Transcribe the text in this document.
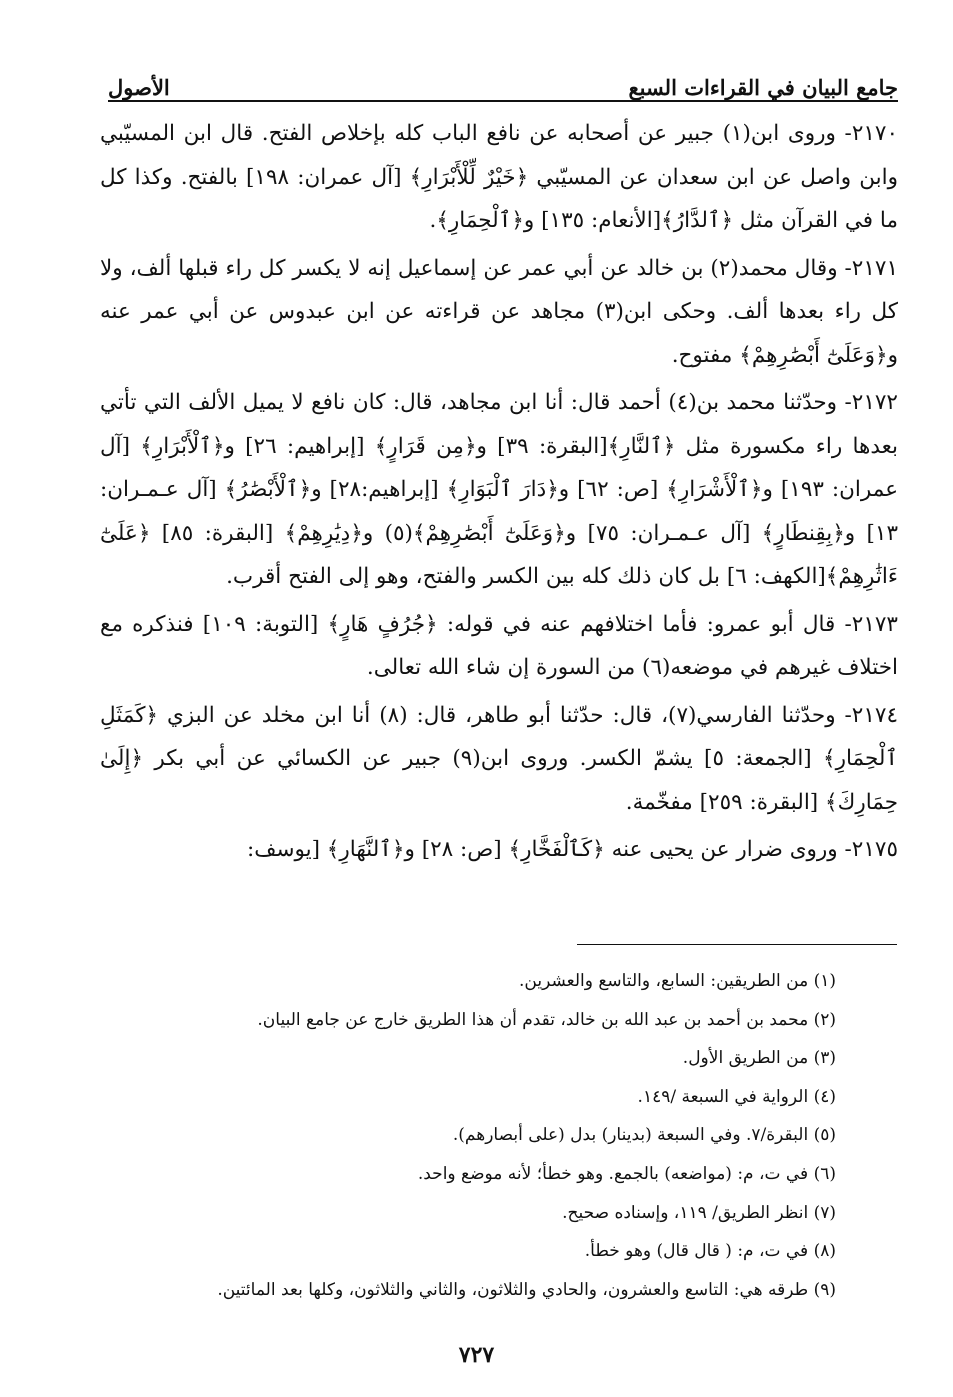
جامع البيان في القراءات السبع
الأصول

٢١٧٠- وروى ابن(١) جبير عن أصحابه عن نافع الباب كله بإخلاص الفتح. قال ابن المسيّبي وابن واصل عن ابن سعدان عن المسيّبي ﴿خَيْرٌ لِّلْأَبْرَارِ﴾ [آل عمران: ١٩٨] بالفتح. وكذا كل ما في القرآن مثل ﴿ٱلدَّارُ﴾[الأنعام: ١٣٥] و﴿ٱلْحِمَارِ﴾.

٢١٧١- وقال محمد(٢) بن خالد عن أبي عمر عن إسماعيل إنه لا يكسر كل راء قبلها ألف، ولا كل راء بعدها ألف. وحكى ابن(٣) مجاهد عن قراءته عن ابن عبدوس عن أبي عمر عنه و﴿وَعَلَىٰٓ أَبْصَٰرِهِمْ﴾ مفتوح.

٢١٧٢- وحدّثنا محمد بن(٤) أحمد قال: أنا ابن مجاهد، قال: كان نافع لا يميل الألف التي تأتي بعدها راء مكسورة مثل ﴿ٱلنَّارِ﴾[البقرة: ٣٩] و﴿مِن قَرَارٍ﴾ [إبراهيم: ٢٦] و﴿ٱلْأَبْرَارِ﴾ [آل عمران: ١٩٣] و﴿ٱلْأَشْرَارِ﴾ [ص: ٦٢] و﴿دَارَ ٱلْبَوَارِ﴾ [إبراهيم:٢٨] و﴿ٱلْأَبْصَٰرُ﴾ [آل عـمـران: ١٣] و﴿بِقِنطَارٍ﴾ [آل عـمـران: ٧٥] و﴿وَعَلَىٰٓ أَبْصَٰرِهِمْ﴾(٥) و﴿دِيَٰرِهِمْ﴾ [البقرة: ٨٥] ﴿عَلَىٰٓ ءَاثَٰرِهِمْ﴾[الكهف: ٦] بل كان ذلك كله بين الكسر والفتح، وهو إلى الفتح أقرب.

٢١٧٣- قال أبو عمرو: فأما اختلافهم عنه في قوله: ﴿جُرُفٍ هَارٍ﴾ [التوبة: ١٠٩] فنذكره مع اختلاف غيرهم في موضعه(٦) من السورة إن شاء الله تعالى.

٢١٧٤- وحدّثنا الفارسي(٧)، قال: حدّثنا أبو طاهر، قال: (٨) أنا ابن مخلد عن البزي ﴿كَمَثَلِ ٱلْحِمَارِ﴾ [الجمعة: ٥] يشمّ الكسر. وروى ابن(٩) جبير عن الكسائي عن أبي بكر ﴿إِلَىٰ حِمَارِكَ﴾ [البقرة: ٢٥٩] مفخّمة.

٢١٧٥- وروى ضرار عن يحيى عنه ﴿كَٱلْفَخَّارِ﴾ [ص: ٢٨] و﴿ٱلنَّهَارِ﴾ [يوسف:

(١) من الطريقين: السابع، والتاسع والعشرين.

(٢) محمد بن أحمد بن عبد الله بن خالد، تقدم أن هذا الطريق خارج عن جامع البيان.

(٣) من الطريق الأول.

(٤) الرواية في السبعة /١٤٩.

(٥) البقرة/٧. وفي السبعة (بدينار) بدل (على أبصارهم).

(٦) في ت، م: (مواضعه) بالجمع. وهو خطأ؛ لأنه موضع واحد.

(٧) انظر الطريق/ ١١٩، وإسناده صحيح.

(٨) في ت، م: ( قال قال) وهو خطأ.

(٩) طرقه هي: التاسع والعشرون، والحادي والثلاثون، والثاني والثلاثون، وكلها بعد المائتين.

٧٢٧
